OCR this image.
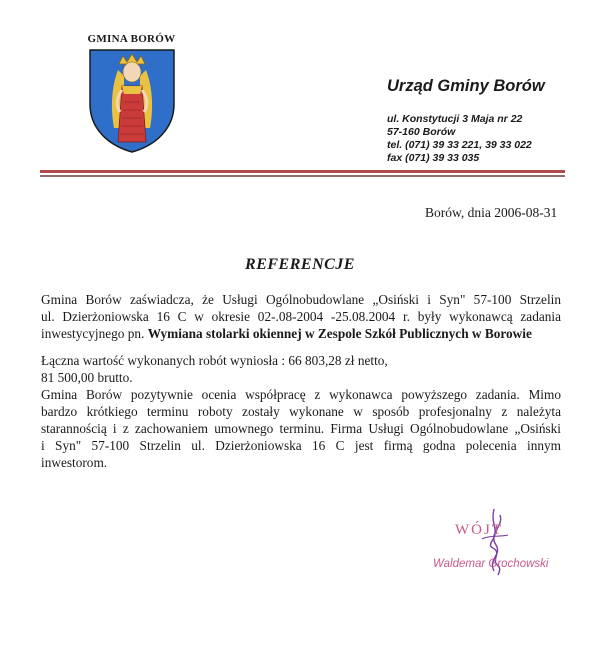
GMINA BORÓW
Urząd Gminy Borów
ul. Konstytucji 3 Maja nr 22
57-160 Borów
tel. (071) 39 33 221, 39 33 022
fax (071) 39 33 035
Borów, dnia 2006-08-31
REFERENCJE
Gmina Borów zaświadcza, że Usługi Ogólnobudowlane „Osiński i Syn" 57-100 Strzelin
ul. Dzierżoniowska 16 C w okresie 02-.08-2004 -25.08.2004 r. były wykonawcą zadania
inwestycyjnego pn. Wymiana stolarki okiennej w Zespole Szkół Publicznych w Borowie
Łączna wartość wykonanych robót wyniosła : 66 803,28 zł netto,
81 500,00 brutto.
Gmina Borów pozytywnie ocenia współpracę z wykonawca powyższego zadania. Mimo
bardzo krótkiego terminu roboty zostały wykonane w sposób profesjonalny z należyta
starannością i z zachowaniem umownego terminu. Firma Usługi Ogólnobudowlane „Osiński
i Syn" 57-100 Strzelin ul. Dzierżoniowska 16 C jest firmą godna polecenia innym
inwestorom.
WÓJT
Waldemar Grochowski
